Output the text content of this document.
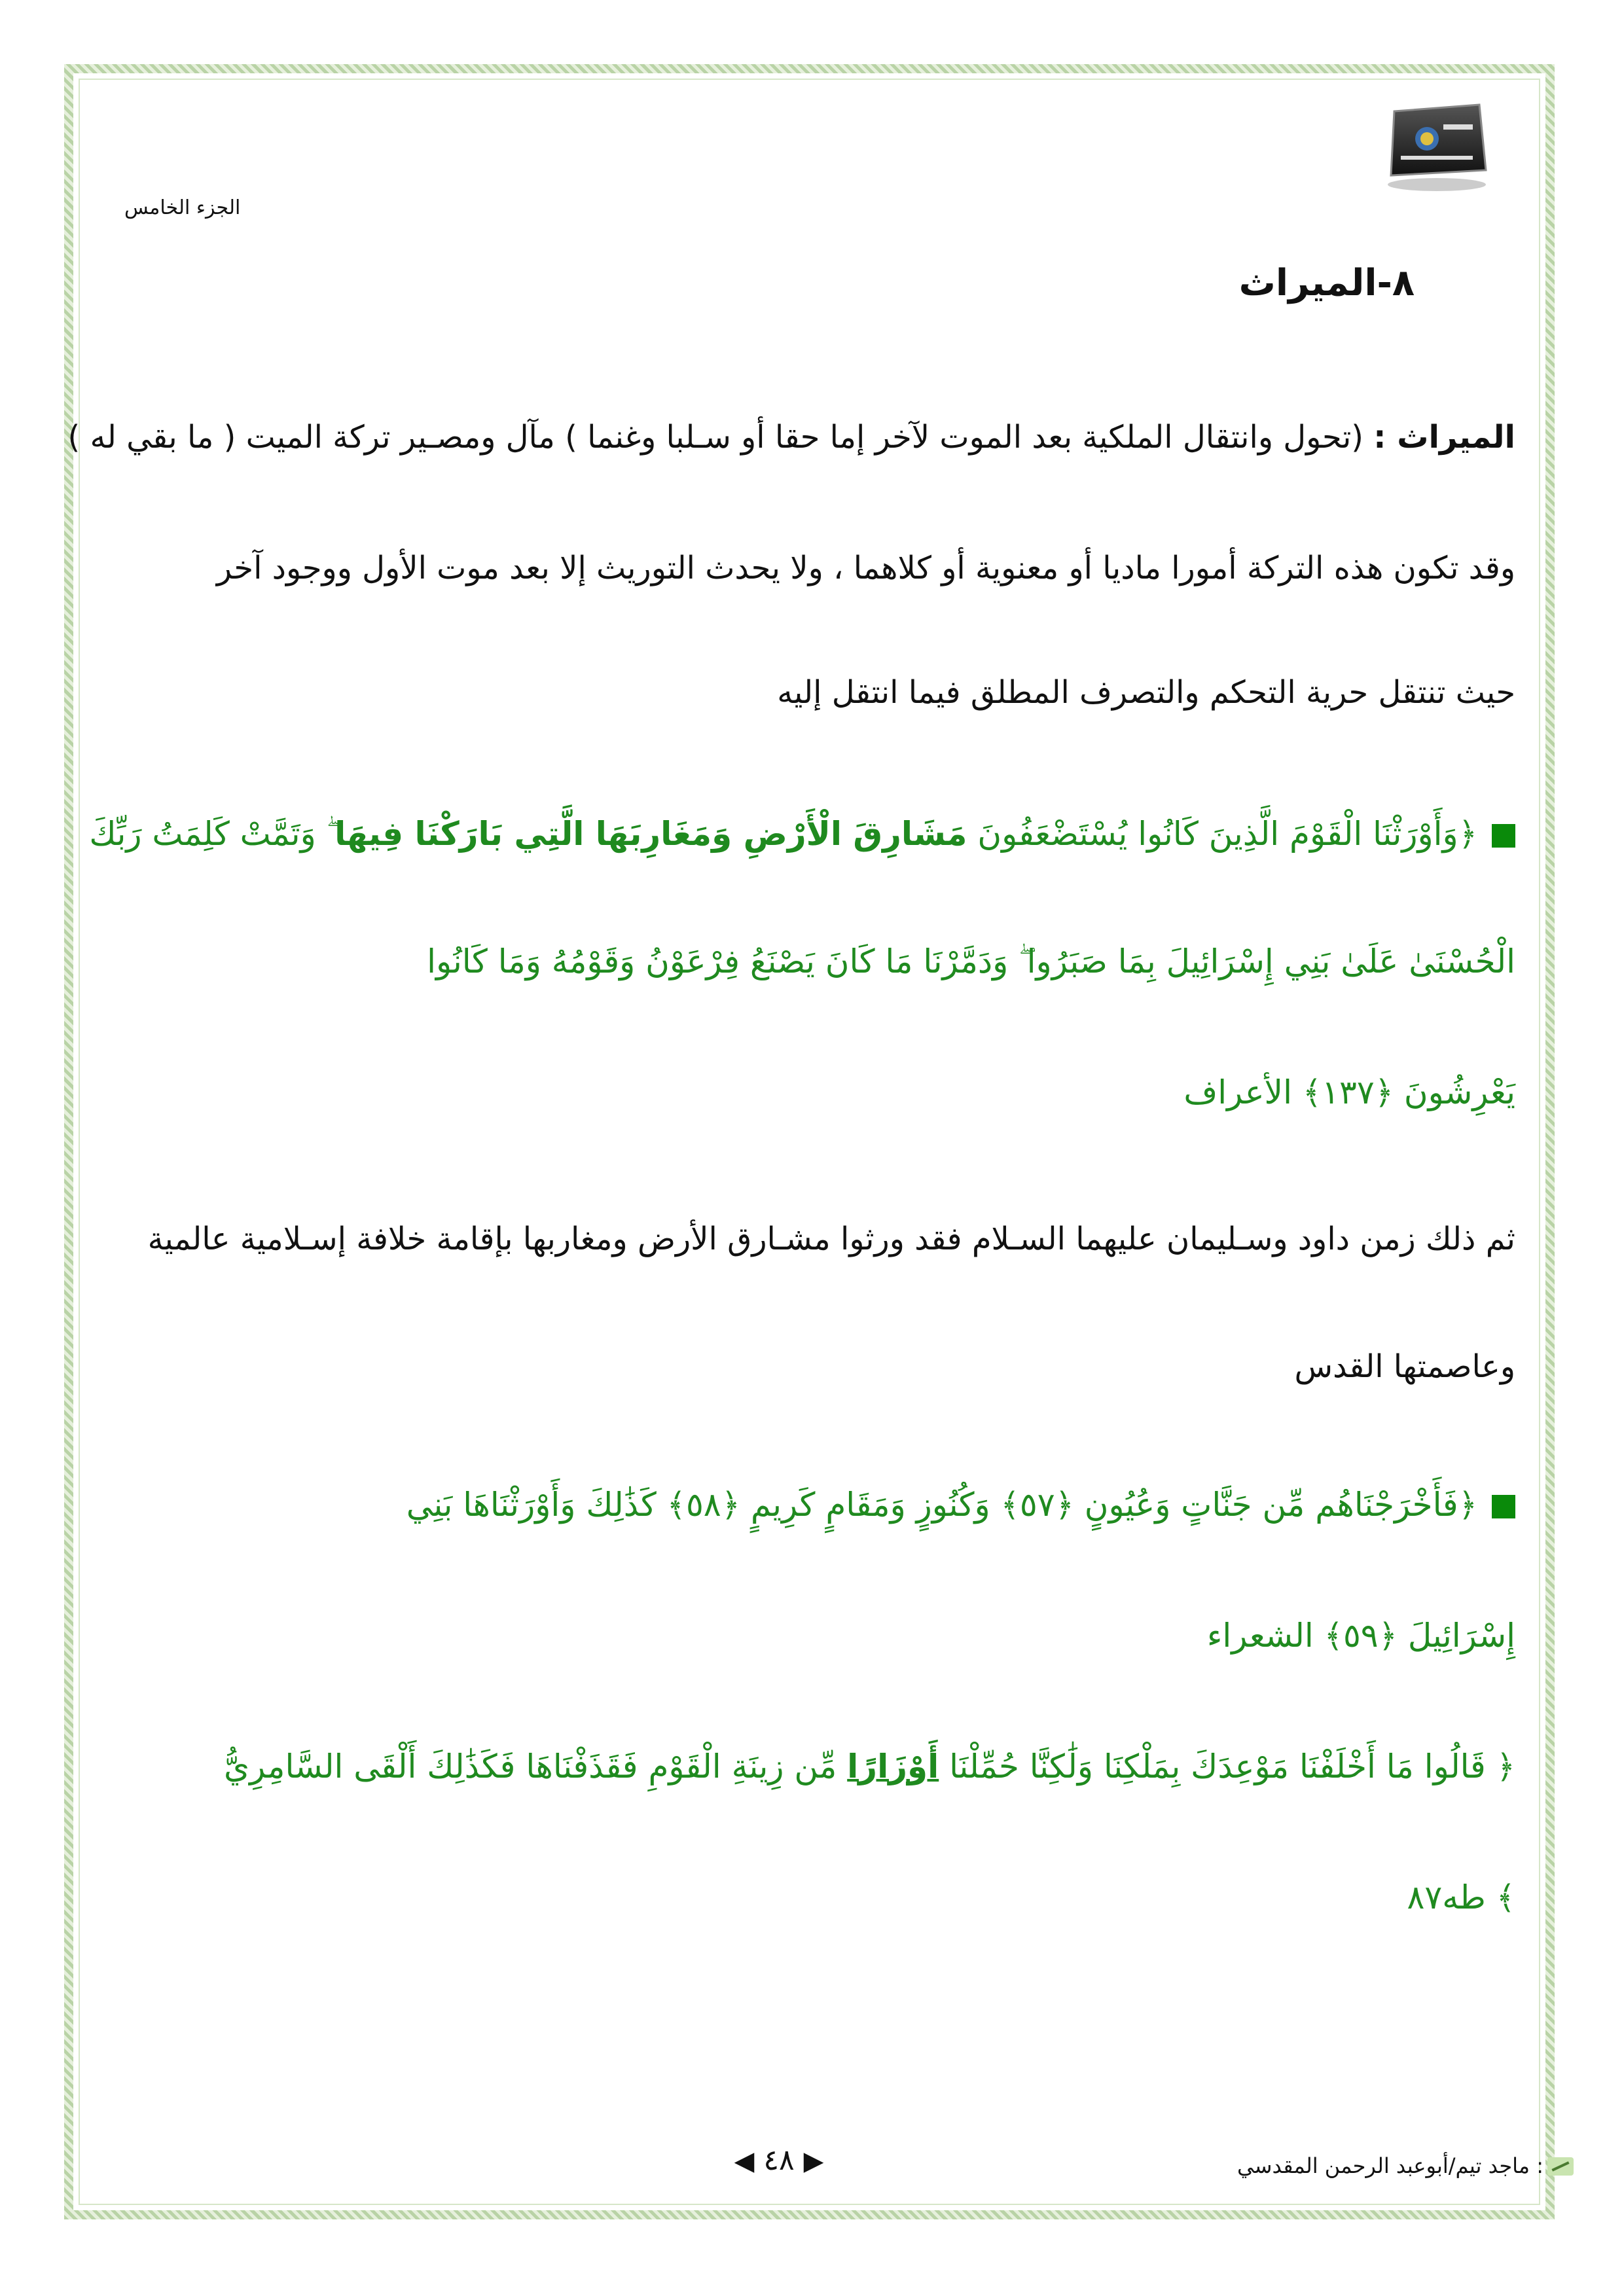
الجزء الخامس
٨-الميراث
الميراث : (تحول وانتقال الملكية بعد الموت لآخر إما حقا أو سـلبا وغنما ) مآل ومصـير تركة الميت ( ما بقي له )
وقد تكون هذه التركة أمورا ماديا أو معنوية أو كلاهما ، ولا يحدث التوريث إلا بعد موت الأول ووجود آخر
حيث تنتقل حرية التحكم والتصرف المطلق فيما انتقل إليه
﴿وَأَوْرَثْنَا الْقَوْمَ الَّذِينَ كَانُوا يُسْتَضْعَفُونَ مَشَارِقَ الْأَرْضِ وَمَغَارِبَهَا الَّتِي بَارَكْنَا فِيهَا ۖ وَتَمَّتْ كَلِمَتُ رَبِّكَ
الْحُسْنَىٰ عَلَىٰ بَنِي إِسْرَائِيلَ بِمَا صَبَرُوا ۖ وَدَمَّرْنَا مَا كَانَ يَصْنَعُ فِرْعَوْنُ وَقَوْمُهُ وَمَا كَانُوا
يَعْرِشُونَ ﴿١٣٧﴾ الأعراف
ثم ذلك زمن داود وسـليمان عليهما السـلام فقد ورثوا مشـارق الأرض ومغاربها بإقامة خلافة إسـلامية عالمية
وعاصمتها القدس
﴿فَأَخْرَجْنَاهُم مِّن جَنَّاتٍ وَعُيُونٍ ﴿٥٧﴾ وَكُنُوزٍ وَمَقَامٍ كَرِيمٍ ﴿٥٨﴾ كَذَٰلِكَ وَأَوْرَثْنَاهَا بَنِي
إِسْرَائِيلَ ﴿٥٩﴾ الشعراء
﴿ قَالُوا مَا أَخْلَفْنَا مَوْعِدَكَ بِمَلْكِنَا وَلَٰكِنَّا حُمِّلْنَا أَوْزَارًا مِّن زِينَةِ الْقَوْمِ فَقَذَفْنَاهَا فَكَذَٰلِكَ أَلْقَى السَّامِرِيُّ
﴾ طه٨٧
◀ ٤٨ ▶	: ماجد تيم/أبوعبد الرحمن المقدسي
